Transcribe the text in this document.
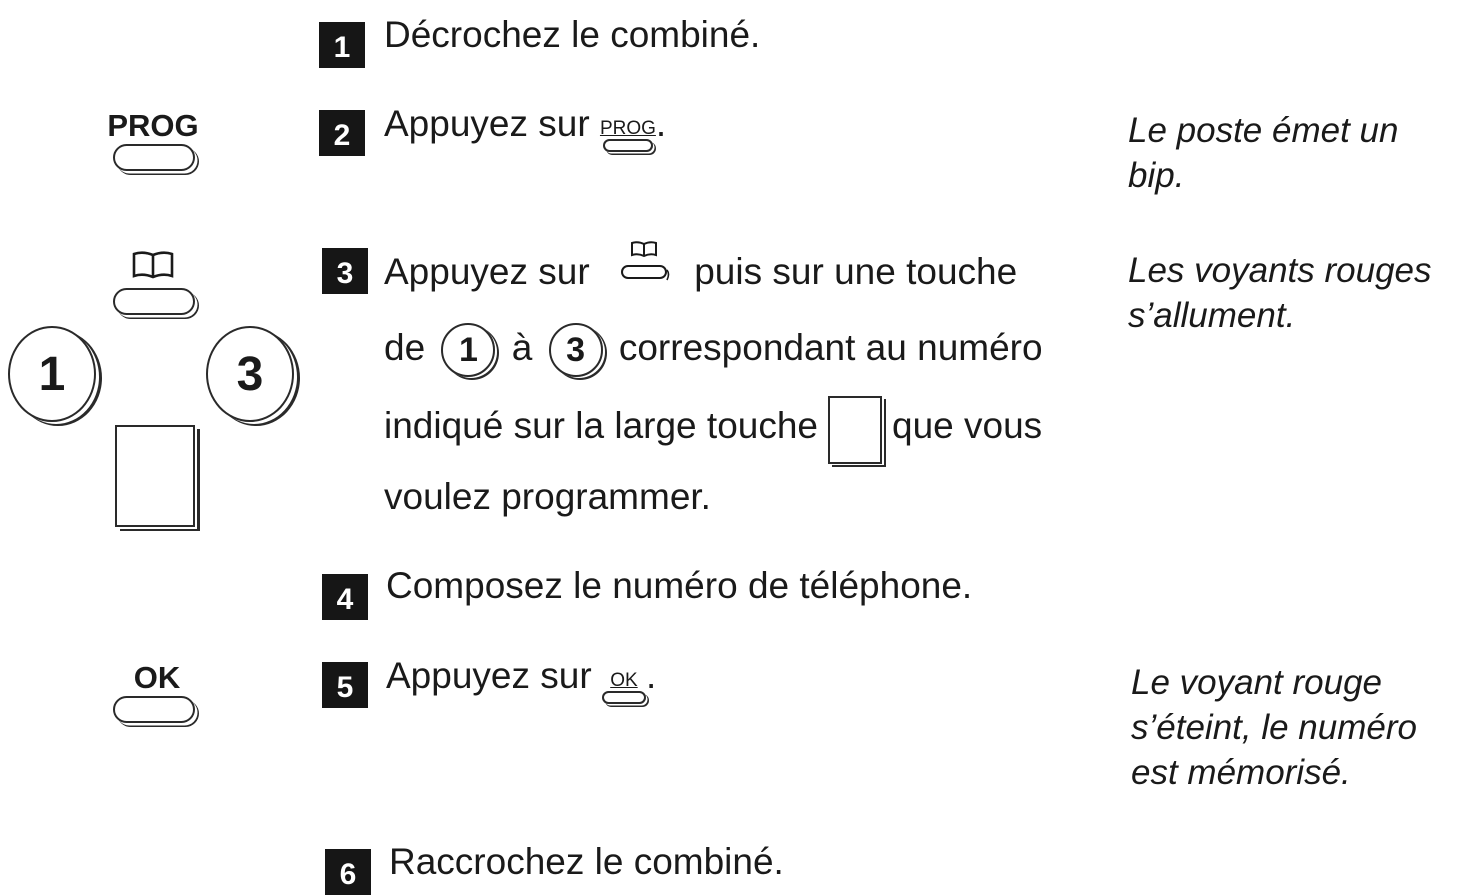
PROG
1	3
OK
1 Décrochez le combiné.
2 Appuyez sur PROG .	Le poste émet un
bip.
3 Appuyez sur	puis sur une touche
de 1 à 3 correspondant au numéro
indiqué sur la large touche que vous
voulez programmer.
Les voyants rouges
s’allument.
4 Composez le numéro de téléphone.
5 Appuyez sur OK .	Le voyant rouge
s’éteint, le numéro
est mémorisé.
6 Raccrochez le combiné.
